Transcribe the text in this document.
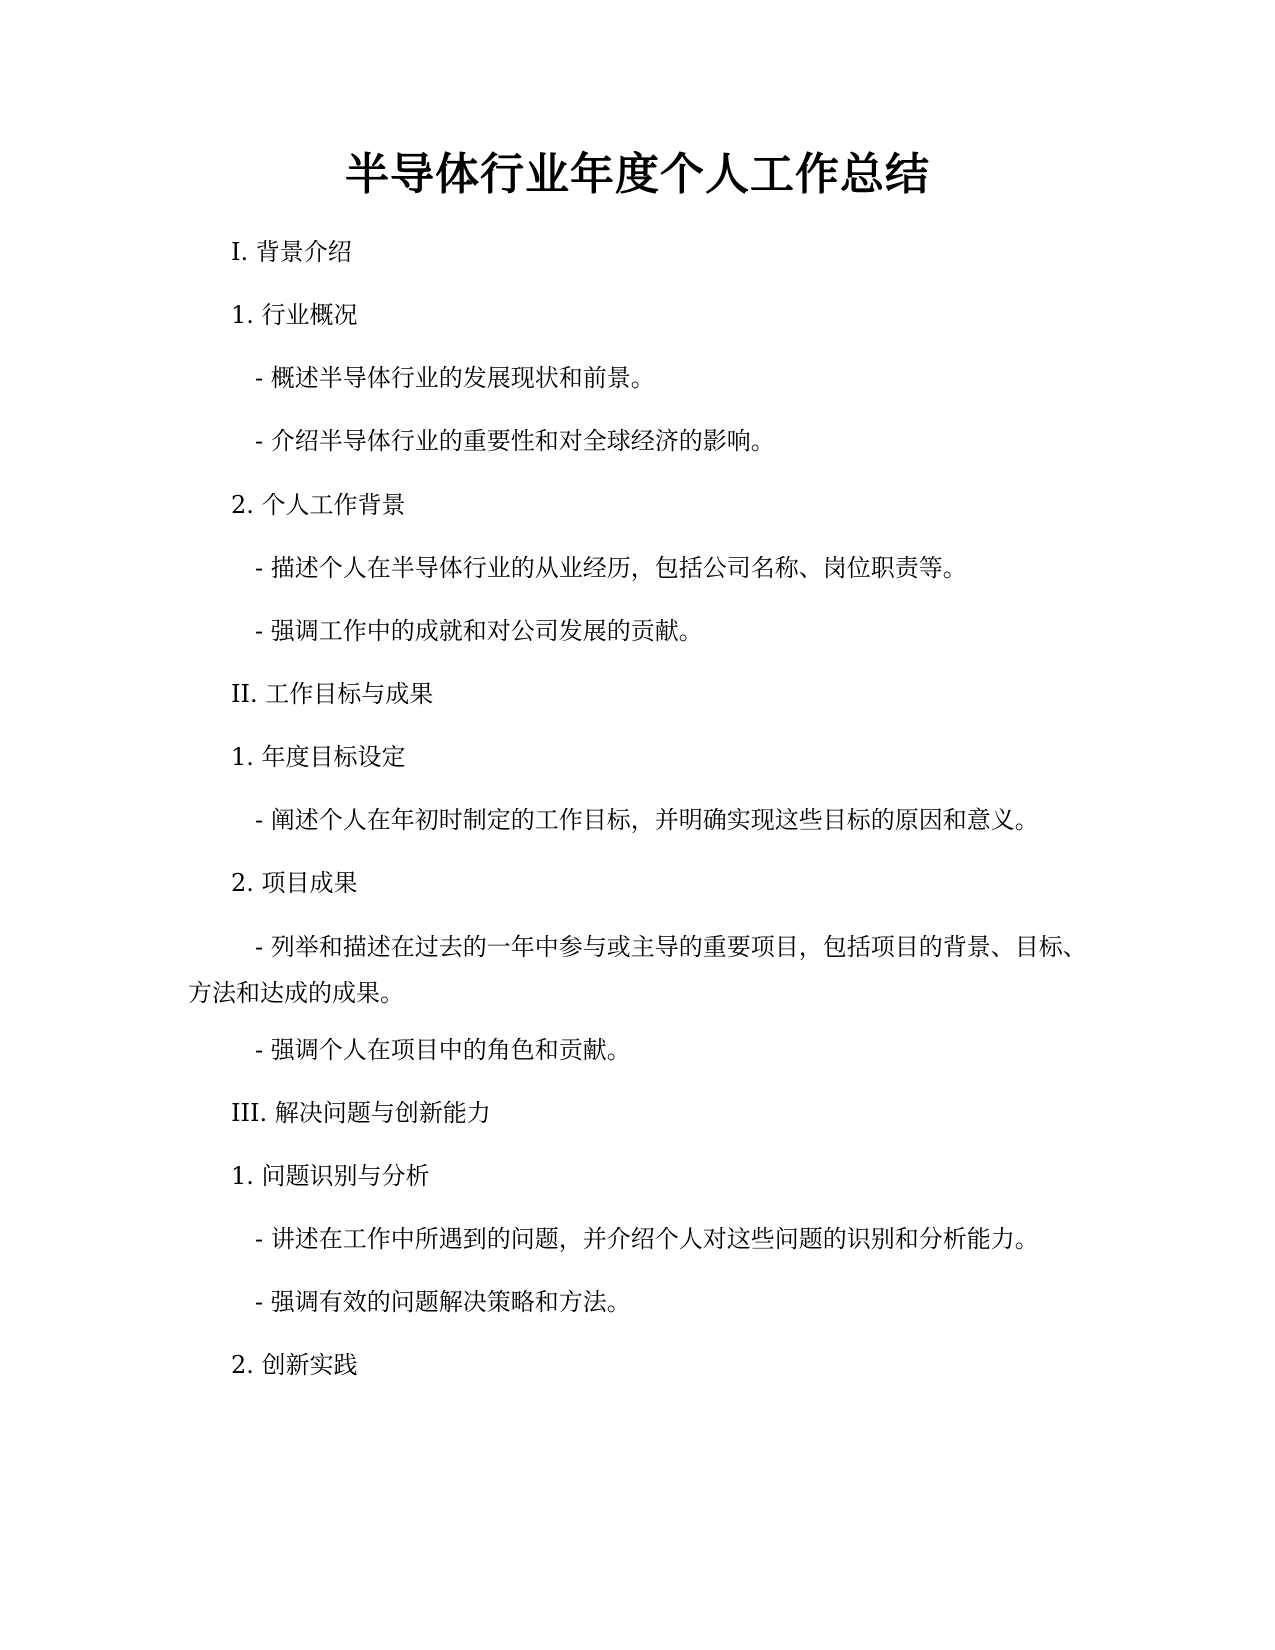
半导体行业年度个人工作总结

I. 背景介绍

1. 行业概况

- 概述半导体行业的发展现状和前景。

- 介绍半导体行业的重要性和对全球经济的影响。

2. 个人工作背景

- 描述个人在半导体行业的从业经历，包括公司名称、岗位职责等。

- 强调工作中的成就和对公司发展的贡献。

II. 工作目标与成果

1. 年度目标设定

- 阐述个人在年初时制定的工作目标，并明确实现这些目标的原因和意义。

2. 项目成果

- 列举和描述在过去的一年中参与或主导的重要项目，包括项目的背景、目标、方法和达成的成果。

- 强调个人在项目中的角色和贡献。

III. 解决问题与创新能力

1. 问题识别与分析

- 讲述在工作中所遇到的问题，并介绍个人对这些问题的识别和分析能力。

- 强调有效的问题解决策略和方法。

2. 创新实践
